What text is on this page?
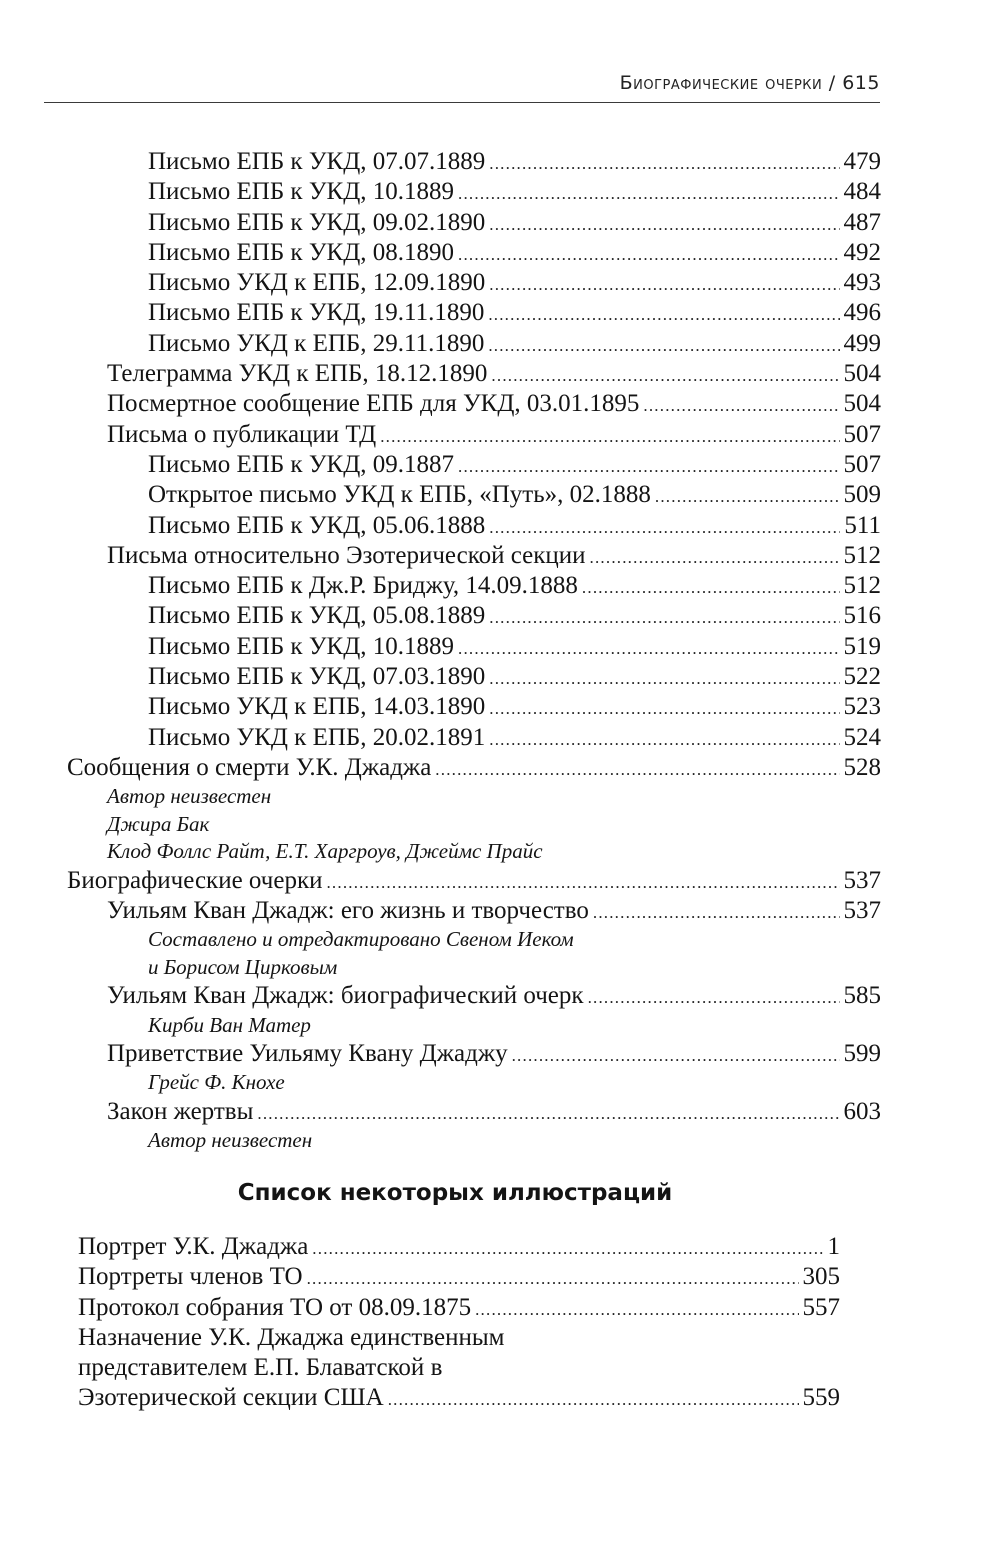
Биографические очерки / 615
Письмо ЕПБ к УКД, 07.07.1889 .....	479
Письмо ЕПБ к УКД, 10.1889 .....	484
Письмо ЕПБ к УКД, 09.02.1890 .....	487
Письмо ЕПБ к УКД, 08.1890 .....	492
Письмо УКД к ЕПБ, 12.09.1890 .....	493
Письмо ЕПБ к УКД, 19.11.1890 .....	496
Письмо УКД к ЕПБ, 29.11.1890 .....	499
Телеграмма УКД к ЕПБ, 18.12.1890 .....	504
Посмертное сообщение ЕПБ для УКД, 03.01.1895 .....	504
Письма о публикации ТД .....	507
Письмо ЕПБ к УКД, 09.1887 .....	507
Открытое письмо УКД к ЕПБ, «Путь», 02.1888 .....	509
Письмо ЕПБ к УКД, 05.06.1888 .....	511
Письма относительно Эзотерической секции .....	512
Письмо ЕПБ к Дж.Р. Бриджу, 14.09.1888 .....	512
Письмо ЕПБ к УКД, 05.08.1889 .....	516
Письмо ЕПБ к УКД, 10.1889 .....	519
Письмо ЕПБ к УКД, 07.03.1890 .....	522
Письмо УКД к ЕПБ, 14.03.1890 .....	523
Письмо УКД к ЕПБ, 20.02.1891 .....	524
Сообщения о смерти У.К. Джаджа .....	528
Автор неизвестен
Джира Бак
Клод Фоллс Райт, Е.Т. Харгроув, Джеймс Прайс
Биографические очерки .....	537
Уильям Кван Джадж: его жизнь и творчество .....	537
Составлено и отредактировано Свеном Иеком
и Борисом Цирковым
Уильям Кван Джадж: биографический очерк .....	585
Кирби Ван Матер
Приветствие Уильяму Квану Джаджу .....	599
Грейс Ф. Кнохе
Закон жертвы .....	603
Автор неизвестен
Список некоторых иллюстраций
Портрет У.К. Джаджа .....	1
Портреты членов ТО .....	305
Протокол собрания ТО от 08.09.1875 .....	557
Назначение У.К. Джаджа единственным
представителем Е.П. Блаватской в
Эзотерической секции США .....	559
